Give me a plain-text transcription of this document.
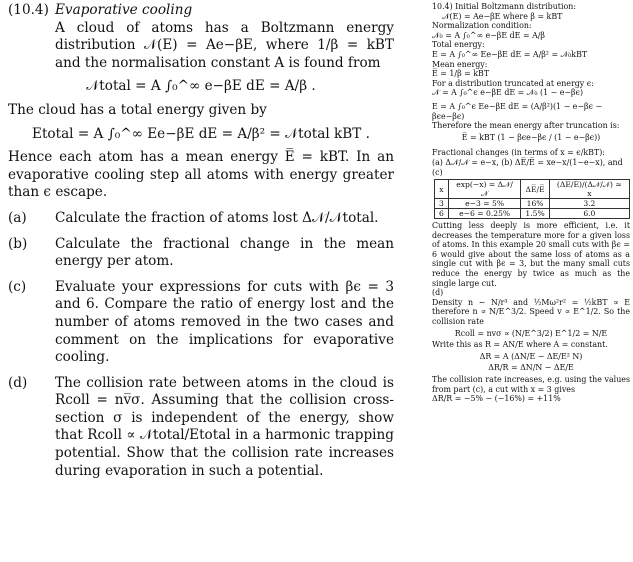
(10.4) Evaporative cooling
A cloud of atoms has a Boltzmann energy distribution 𝒩(E) = Ae−βE, where 1/β = kBT and the normalisation constant A is found from
𝒩total = A ∫₀^∞ e−βE dE = A/β .
The cloud has a total energy given by
Etotal = A ∫₀^∞ Ee−βE dE = A/β² = 𝒩total kBT .
Hence each atom has a mean energy E̅ = kBT. In an evaporative cooling step all atoms with energy greater than ϵ escape.
(a) Calculate the fraction of atoms lost Δ𝒩/𝒩total.
(b) Calculate the fractional change in the mean energy per atom.
(c) Evaluate your expressions for cuts with βϵ = 3 and 6. Compare the ratio of energy lost and the number of atoms removed in the two cases and comment on the implications for evaporative cooling.
(d) The collision rate between atoms in the cloud is Rcoll = nv̅σ. Assuming that the collision cross-section σ is independent of the energy, show that Rcoll ∝ 𝒩total/Etotal in a harmonic trapping potential. Show that the collision rate increases during evaporation in such a potential.
10.4) Initial Boltzmann distribution:
𝒩(E) = Ae−βE where β = kBT
Normalization condition:
𝒩₀ = A ∫₀^∞ e−βE dE = A/β
Total energy:
E = A ∫₀^∞ Ee−βE dE = A/β² = 𝒩₀kBT
Mean energy:
E̅ = 1/β = kBT
For a distribution truncated at energy ϵ:
𝒩 = A ∫₀^ϵ e−βE dE = 𝒩₀ (1 − e−βϵ)
E = A ∫₀^ϵ Ee−βE dE = (A/β²)(1 − e−βϵ − βϵe−βϵ)
Therefore the mean energy after truncation is:
E̅ = kBT (1 − βϵe−βϵ / (1 − e−βϵ))
Fractional changes (in terms of x = ϵ/kBT):
(a) Δ𝒩/𝒩 = e−x, (b) ΔE̅/E̅ = xe−x/(1−e−x), and (c)
x	exp(−x) = Δ𝒩/𝒩	ΔE̅/E̅	(ΔE̅/E̅)/(Δ𝒩/𝒩) ≃ x
3	e−3 = 5%	16%	3.2
6	e−6 = 0.25%	1.5%	6.0
Cutting less deeply is more efficient, i.e. it decreases the temperature more for a given loss of atoms. In this example 20 small cuts with βϵ = 6 would give about the same loss of atoms as a single cut with βϵ = 3, but the many small cuts reduce the energy by twice as much as the single large cut.
(d)
Density n ∼ N/r³ and ½Mω²r² = ½kBT ∝ E therefore n ∝ N/E^3/2. Speed v ∝ E^1/2. So the collision rate
Rcoll = nvσ ∝ (N/E^3/2) E^1/2 = N/E
Write this as R = AN/E where A = constant.
ΔR = A (ΔN/E − ΔE/E² N)
ΔR/R = ΔN/N − ΔE/E
The collision rate increases, e.g. using the values from part (c), a cut with x = 3 gives
ΔR/R = −5% − (−16%) = +11%
